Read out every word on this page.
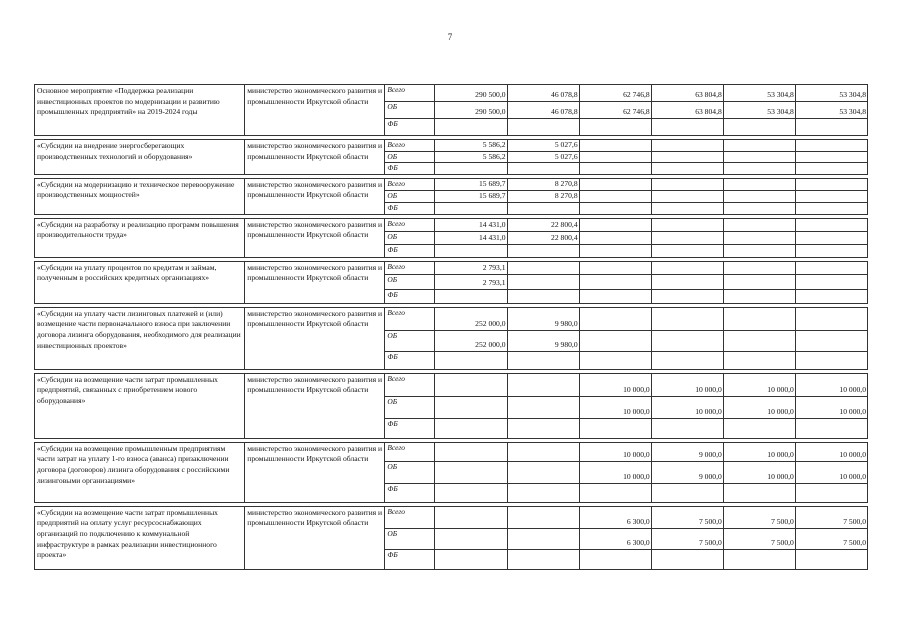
7
Основное мероприятие «Поддержка реализации инвестиционных проектов по модернизации и развитию промышленных предприятий» на 2019-2024 годы	министерство экономического развития и промышленности Иркутской области	Всего	290 500,0	46 078,8	62 746,8	63 804,8	53 304,8	53 304,8
		ОБ	290 500,0	46 078,8	62 746,8	63 804,8	53 304,8	53 304,8
		ФБ						

«Субсидии на внедрение энергосберегающих производственных технологий и оборудования»	министерство экономического развития и промышленности Иркутской области	Всего	5 586,2	5 027,6				
		ОБ	5 586,2	5 027,6				
		ФБ						

«Субсидии на модернизацию и техническое перевооружение производственных мощностей»	министерство экономического развития и промышленности Иркутской области	Всего	15 689,7	8 270,8				
		ОБ	15 689,7	8 270,8				
		ФБ						

«Субсидии на разработку и реализацию программ повышения производительности труда»	министерство экономического развития и промышленности Иркутской области	Всего	14 431,0	22 800,4				
		ОБ	14 431,0	22 800,4				
		ФБ						

«Субсидии на уплату процентов по кредитам и займам, полученным в российских кредитных организациях»	министерство экономического развития и промышленности Иркутской области	Всего	2 793,1					
		ОБ	2 793,1					
		ФБ						

«Субсидии на уплату части лизинговых платежей и (или) возмещение части первоначального взноса при заключении договора лизинга оборудования, необходимого для реализации инвестиционных проектов»	министерство экономического развития и промышленности Иркутской области	Всего	252 000,0	9 980,0				
		ОБ	252 000,0	9 980,0				
		ФБ						

«Субсидии на возмещение части затрат промышленных предприятий, связанных с приобретением нового оборудования»	министерство экономического развития и промышленности Иркутской области	Всего			10 000,0	10 000,0	10 000,0	10 000,0
		ОБ			10 000,0	10 000,0	10 000,0	10 000,0
		ФБ						

«Субсидии на возмещение промышленным предприятиям части затрат на уплату 1-го взноса (аванса) призаключении договора (договоров) лизинга оборудования с российскими лизинговыми организациями»	министерство экономического развития и промышленности Иркутской области	Всего			10 000,0	9 000,0	10 000,0	10 000,0
		ОБ			10 000,0	9 000,0	10 000,0	10 000,0
		ФБ						

«Субсидии на возмещение части затрат промышленных предприятий на оплату услуг ресурсоснабжающих организаций по подключению к коммунальной инфраструктуре в рамках реализации инвестиционного проекта»	министерство экономического развития и промышленности Иркутской области	Всего			6 300,0	7 500,0	7 500,0	7 500,0
		ОБ			6 300,0	7 500,0	7 500,0	7 500,0
		ФБ						
